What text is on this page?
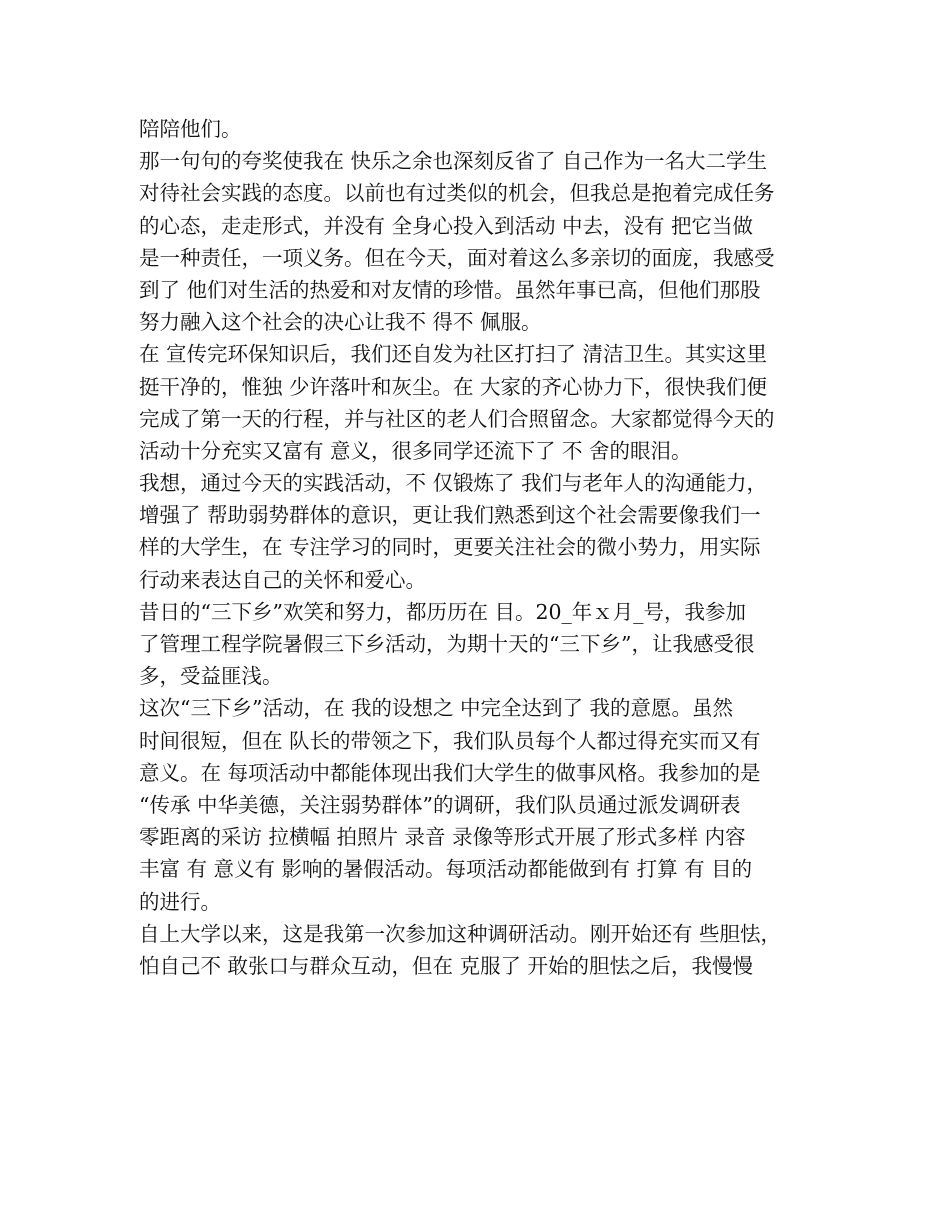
陪陪他们。
那一句句的夸奖使我在 快乐之余也深刻反省了 自己作为一名大二学生
对待社会实践的态度。以前也有过类似的机会，但我总是抱着完成任务
的心态，走走形式，并没有 全身心投入到活动 中去，没有 把它当做
是一种责任，一项义务。但在今天，面对着这么多亲切的面庞，我感受
到了 他们对生活的热爱和对友情的珍惜。虽然年事已高，但他们那股
努力融入这个社会的决心让我不 得不 佩服。
在 宣传完环保知识后，我们还自发为社区打扫了 清洁卫生。其实这里
挺干净的，惟独 少许落叶和灰尘。在 大家的齐心协力下，很快我们便
完成了第一天的行程，并与社区的老人们合照留念。大家都觉得今天的
活动十分充实又富有 意义，很多同学还流下了 不 舍的眼泪。
我想，通过今天的实践活动，不 仅锻炼了 我们与老年人的沟通能力，
增强了 帮助弱势群体的意识，更让我们熟悉到这个社会需要像我们一
样的大学生，在 专注学习的同时，更要关注社会的微小势力，用实际
行动来表达自己的关怀和爱心。
昔日的“三下乡”欢笑和努力，都历历在 目。20_年ｘ月_号，我参加
了管理工程学院暑假三下乡活动，为期十天的“三下乡”，让我感受很
多，受益匪浅。
这次“三下乡”活动，在 我的设想之 中完全达到了 我的意愿。虽然
时间很短，但在 队长的带领之下，我们队员每个人都过得充实而又有
意义。在 每项活动中都能体现出我们大学生的做事风格。我参加的是
“传承 中华美德，关注弱势群体”的调研，我们队员通过派发调研表
零距离的采访 拉横幅 拍照片 录音 录像等形式开展了形式多样 内容
丰富 有 意义有 影响的暑假活动。每项活动都能做到有 打算 有 目的
的进行。
自上大学以来，这是我第一次参加这种调研活动。刚开始还有 些胆怯，
怕自己不 敢张口与群众互动，但在 克服了 开始的胆怯之后，我慢慢
